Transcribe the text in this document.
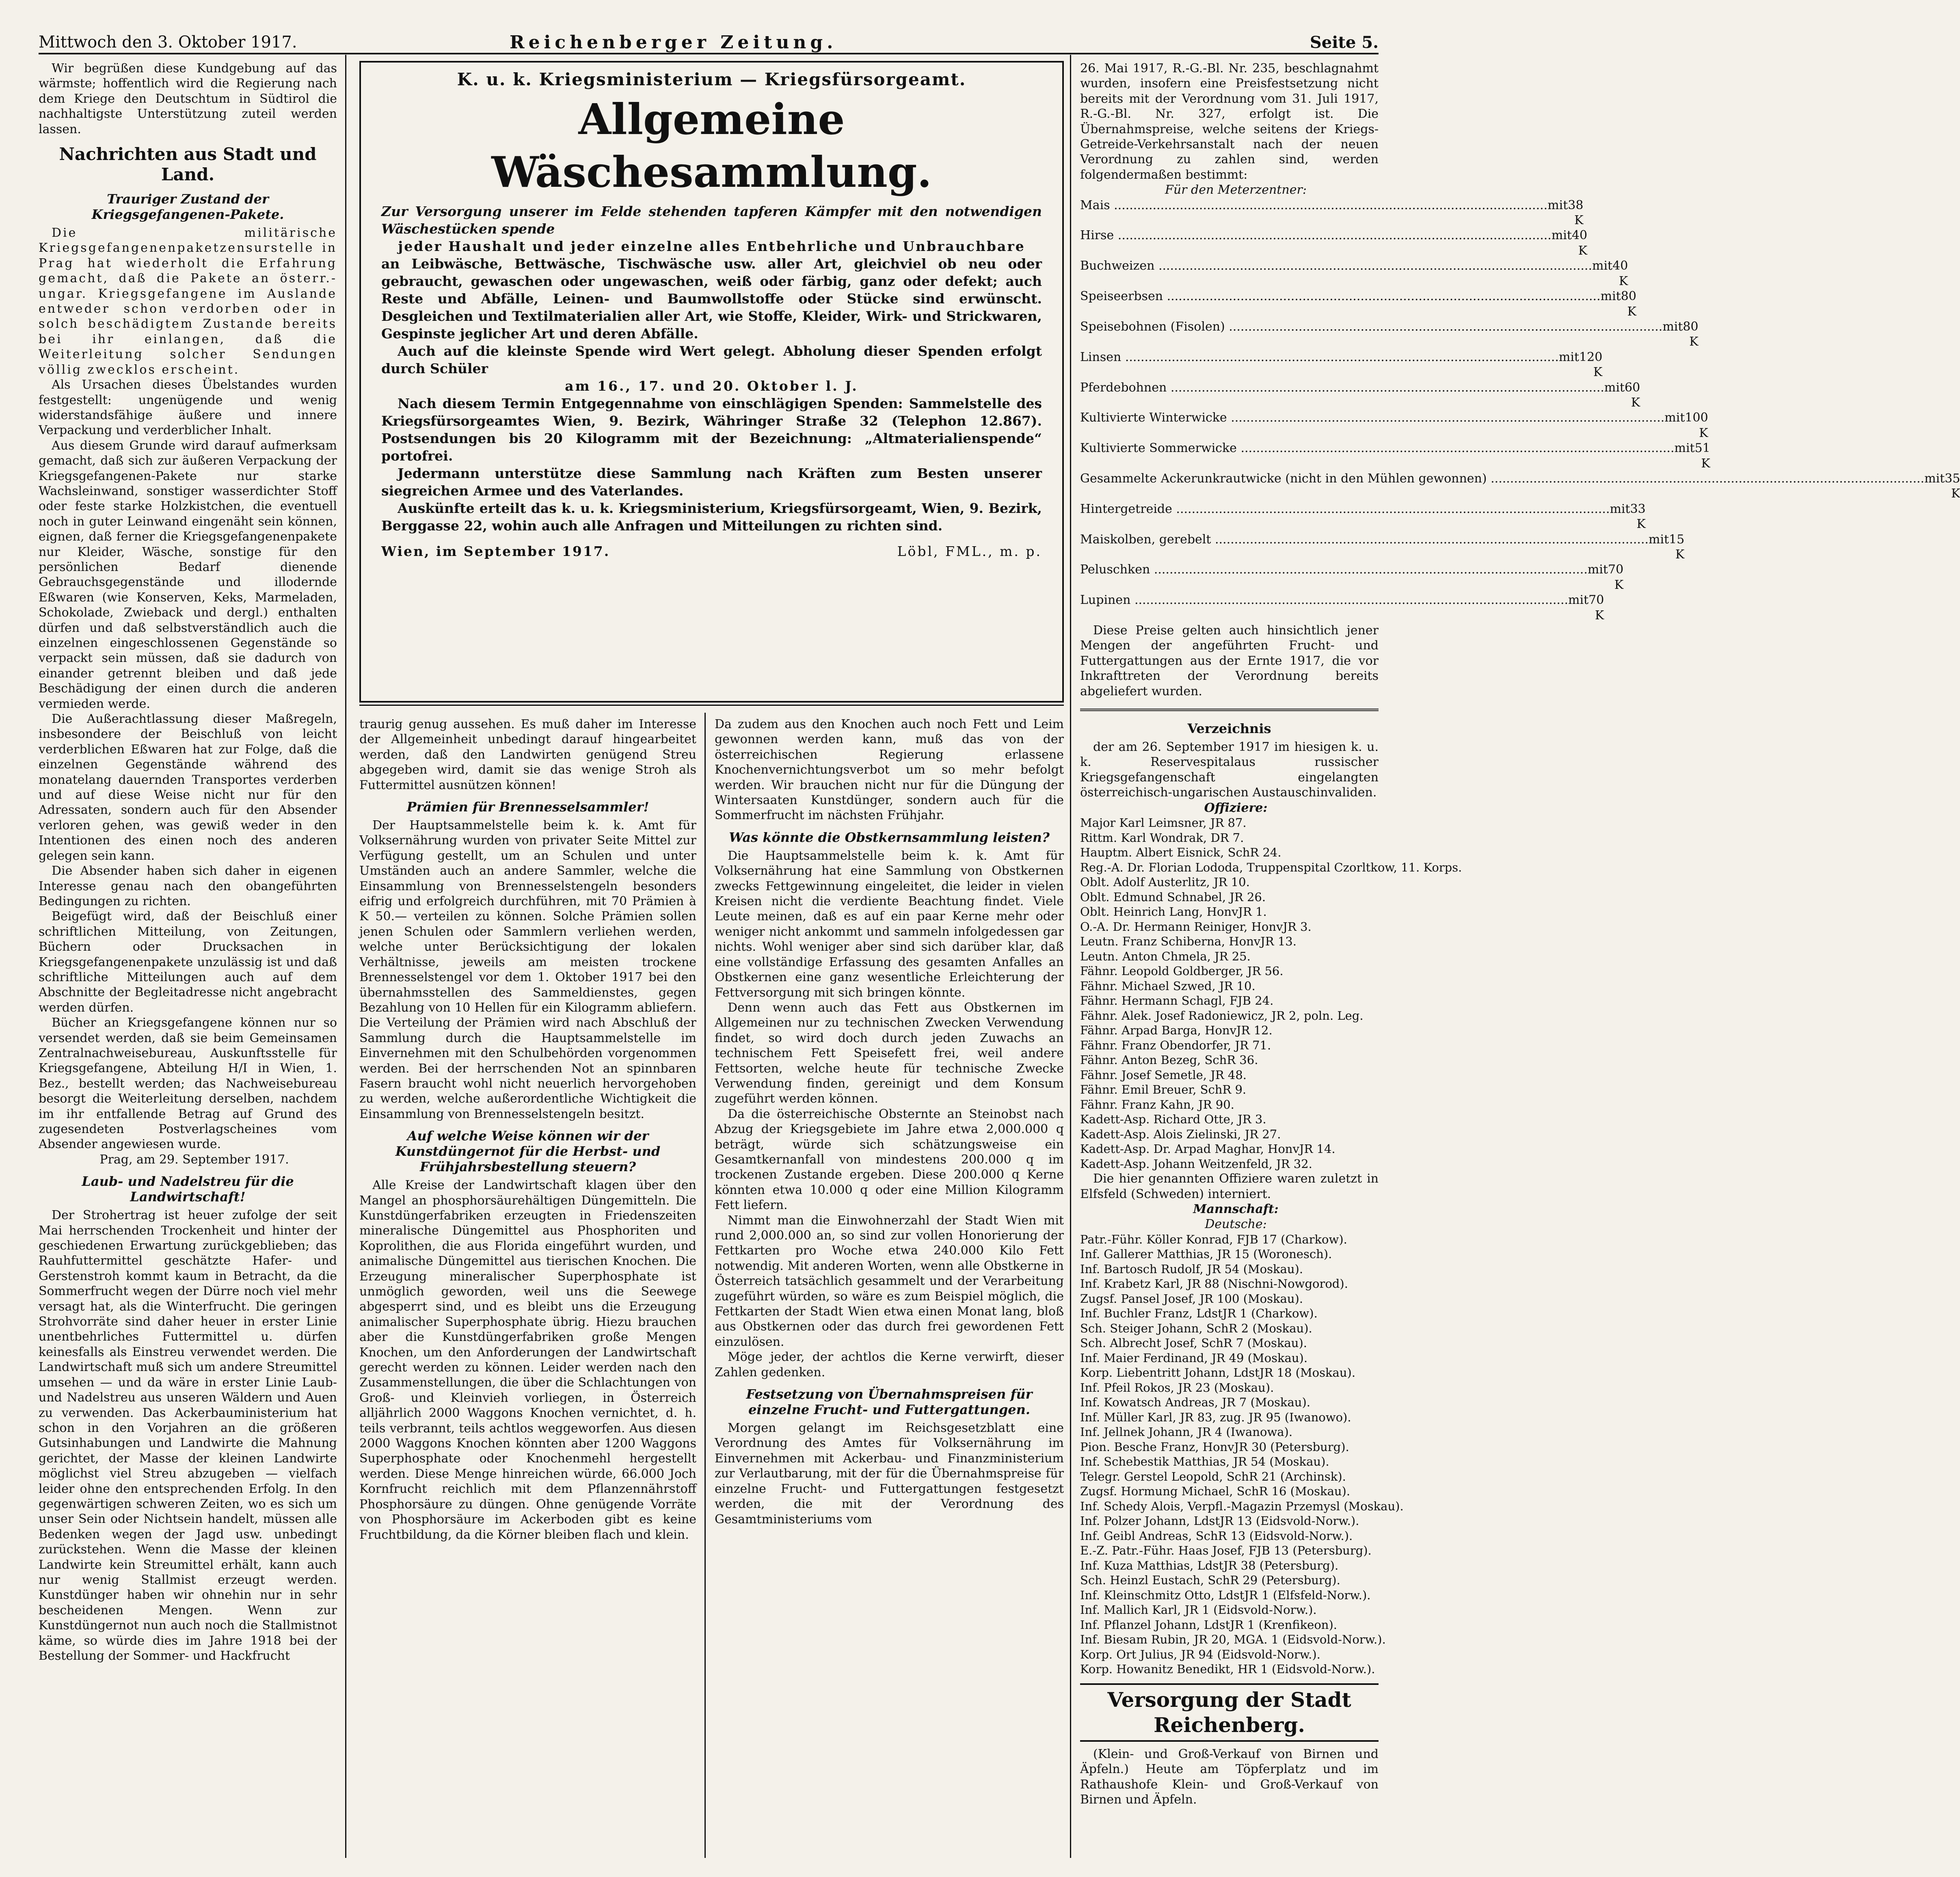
Mittwoch den 3. Oktober 1917.	Reichenberger Zeitung.	Seite 5.

Wir begrüßen diese Kundgebung auf das wärmste; hoffentlich wird die Regierung nach dem Kriege den Deutschtum in Südtirol die nachhaltigste Unterstützung zuteil werden lassen.

Nachrichten aus Stadt und Land.
Trauriger Zustand der Kriegsgefangenen-Pakete.

Die militärische Kriegsgefangenenpaketzensurstelle in Prag hat wiederholt die Erfahrung gemacht, daß die Pakete an österr.-ungar. Kriegsgefangene im Auslande entweder schon verdorben oder in solch beschädigtem Zustande bereits bei ihr einlangen, daß die Weiterleitung solcher Sendungen völlig zwecklos erscheint.

Als Ursachen dieses Übelstandes wurden festgestellt: ungenügende und wenig widerstandsfähige äußere und innere Verpackung und verderblicher Inhalt.

Aus diesem Grunde wird darauf aufmerksam gemacht, daß sich zur äußeren Verpackung der Kriegsgefangenen-Pakete nur starke Wachsleinwand, sonstiger wasserdichter Stoff oder feste starke Holzkistchen, die eventuell noch in guter Leinwand eingenäht sein können, eignen, daß ferner die Kriegsgefangenenpakete nur Kleider, Wäsche, sonstige für den persönlichen Bedarf dienende Gebrauchsgegenstände und illodernde Eßwaren (wie Konserven, Keks, Marmeladen, Schokolade, Zwieback und dergl.) enthalten dürfen und daß selbstverständlich auch die einzelnen eingeschlossenen Gegenstände so verpackt sein müssen, daß sie dadurch von einander getrennt bleiben und daß jede Beschädigung der einen durch die anderen vermieden werde.

Die Außerachtlassung dieser Maßregeln, insbesondere der Beischluß von leicht verderblichen Eßwaren hat zur Folge, daß die einzelnen Gegenstände während des monatelang dauernden Transportes verderben und auf diese Weise nicht nur für den Adressaten, sondern auch für den Absender verloren gehen, was gewiß weder in den Intentionen des einen noch des anderen gelegen sein kann.

Die Absender haben sich daher in eigenen Interesse genau nach den obangeführten Bedingungen zu richten.

Beigefügt wird, daß der Beischluß einer schriftlichen Mitteilung, von Zeitungen, Büchern oder Drucksachen in Kriegsgefangenenpakete unzulässig ist und daß schriftliche Mitteilungen auch auf dem Abschnitte der Begleitadresse nicht angebracht werden dürfen.

Bücher an Kriegsgefangene können nur so versendet werden, daß sie beim Gemeinsamen Zentralnachweisebureau, Auskunftsstelle für Kriegsgefangene, Abteilung H/I in Wien, 1. Bez., bestellt werden; das Nachweisebureau besorgt die Weiterleitung derselben, nachdem im ihr entfallende Betrag auf Grund des zugesendeten Postverlagscheines vom Absender angewiesen wurde.

Prag, am 29. September 1917.

Laub- und Nadelstreu für die Landwirtschaft!

Der Strohertrag ist heuer zufolge der seit Mai herrschenden Trockenheit und hinter der geschiedenen Erwartung zurückgeblieben; das Rauhfuttermittel geschätzte Hafer- und Gerstenstroh kommt kaum in Betracht, da die Sommerfrucht wegen der Dürre noch viel mehr versagt hat, als die Winterfrucht. Die geringen Strohvorräte sind daher heuer in erster Linie unentbehrliches Futtermittel u. dürfen keinesfalls als Einstreu verwendet werden. Die Landwirtschaft muß sich um andere Streumittel umsehen — und da wäre in erster Linie Laub- und Nadelstreu aus unseren Wäldern und Auen zu verwenden. Das Ackerbauministerium hat schon in den Vorjahren an die größeren Gutsinhabungen und Landwirte die Mahnung gerichtet, der Masse der kleinen Landwirte möglichst viel Streu abzugeben — vielfach leider ohne den entsprechenden Erfolg. In den gegenwärtigen schweren Zeiten, wo es sich um unser Sein oder Nichtsein handelt, müssen alle Bedenken wegen der Jagd usw. unbedingt zurückstehen. Wenn die Masse der kleinen Landwirte kein Streumittel erhält, kann auch nur wenig Stallmist erzeugt werden. Kunstdünger haben wir ohnehin nur in sehr bescheidenen Mengen. Wenn zur Kunstdüngernot nun auch noch die Stallmistnot käme, so würde dies im Jahre 1918 bei der Bestellung der Sommer- und Hackfrucht

K. u. k. Kriegsministerium — Kriegsfürsorgeamt.
Allgemeine Wäschesammlung.

Zur Versorgung unserer im Felde stehenden tapferen Kämpfer mit den notwendigen Wäschestücken spende

jeder Haushalt und jeder einzelne alles Entbehrliche und Unbrauchbare

an Leibwäsche, Bettwäsche, Tischwäsche usw. aller Art, gleichviel ob neu oder gebraucht, gewaschen oder ungewaschen, weiß oder färbig, ganz oder defekt; auch Reste und Abfälle, Leinen- und Baumwollstoffe oder Stücke sind erwünscht. Desgleichen und Textilmaterialien aller Art, wie Stoffe, Kleider, Wirk- und Strickwaren, Gespinste jeglicher Art und deren Abfälle.

Auch auf die kleinste Spende wird Wert gelegt. Abholung dieser Spenden erfolgt durch Schüler

am 16., 17. und 20. Oktober l. J.

Nach diesem Termin Entgegennahme von einschlägigen Spenden: Sammelstelle des Kriegsfürsorgeamtes Wien, 9. Bezirk, Währinger Straße 32 (Telephon 12.867). Postsendungen bis 20 Kilogramm mit der Bezeichnung: „Altmaterialienspende“ portofrei.

Jedermann unterstütze diese Sammlung nach Kräften zum Besten unserer siegreichen Armee und des Vaterlandes.

Auskünfte erteilt das k. u. k. Kriegsministerium, Kriegsfürsorgeamt, Wien, 9. Bezirk, Berggasse 22, wohin auch alle Anfragen und Mitteilungen zu richten sind.

Wien, im September 1917.	Löbl, FML., m. p.

traurig genug aussehen. Es muß daher im Interesse der Allgemeinheit unbedingt darauf hingearbeitet werden, daß den Landwirten genügend Streu abgegeben wird, damit sie das wenige Stroh als Futtermittel ausnützen können!

Prämien für Brennesselsammler!

Der Hauptsammelstelle beim k. k. Amt für Volksernährung wurden von privater Seite Mittel zur Verfügung gestellt, um an Schulen und unter Umständen auch an andere Sammler, welche die Einsammlung von Brennesselstengeln besonders eifrig und erfolgreich durchführen, mit 70 Prämien à K 50.— verteilen zu können. Solche Prämien sollen jenen Schulen oder Sammlern verliehen werden, welche unter Berücksichtigung der lokalen Verhältnisse, jeweils am meisten trockene Brennesselstengel vor dem 1. Oktober 1917 bei den übernahmsstellen des Sammeldienstes, gegen Bezahlung von 10 Hellen für ein Kilogramm abliefern. Die Verteilung der Prämien wird nach Abschluß der Sammlung durch die Hauptsammelstelle im Einvernehmen mit den Schulbehörden vorgenommen werden. Bei der herrschenden Not an spinnbaren Fasern braucht wohl nicht neuerlich hervorgehoben zu werden, welche außerordentliche Wichtigkeit die Einsammlung von Brennesselstengeln besitzt.

Auf welche Weise können wir der Kunstdüngernot für die Herbst- und Frühjahrsbestellung steuern?

Alle Kreise der Landwirtschaft klagen über den Mangel an phosphorsäurehältigen Düngemitteln. Die Kunstdüngerfabriken erzeugten in Friedenszeiten mineralische Düngemittel aus Phosphoriten und Koprolithen, die aus Florida eingeführt wurden, und animalische Düngemittel aus tierischen Knochen. Die Erzeugung mineralischer Superphosphate ist unmöglich geworden, weil uns die Seewege abgesperrt sind, und es bleibt uns die Erzeugung animalischer Superphosphate übrig. Hiezu brauchen aber die Kunstdüngerfabriken große Mengen Knochen, um den Anforderungen der Landwirtschaft gerecht werden zu können. Leider werden nach den Zusammenstellungen, die über die Schlachtungen von Groß- und Kleinvieh vorliegen, in Österreich alljährlich 2000 Waggons Knochen vernichtet, d. h. teils verbrannt, teils achtlos weggeworfen. Aus diesen 2000 Waggons Knochen könnten aber 1200 Waggons Superphosphate oder Knochenmehl hergestellt werden. Diese Menge hinreichen würde, 66.000 Joch Kornfrucht reichlich mit dem Pflanzennährstoff Phosphorsäure zu düngen. Ohne genügende Vorräte von Phosphorsäure im Ackerboden gibt es keine Fruchtbildung, da die Körner bleiben flach und klein.

Da zudem aus den Knochen auch noch Fett und Leim gewonnen werden kann, muß das von der österreichischen Regierung erlassene Knochenvernichtungsverbot um so mehr befolgt werden. Wir brauchen nicht nur für die Düngung der Wintersaaten Kunstdünger, sondern auch für die Sommerfrucht im nächsten Frühjahr.

Was könnte die Obstkernsammlung leisten?

Die Hauptsammelstelle beim k. k. Amt für Volksernährung hat eine Sammlung von Obstkernen zwecks Fettgewinnung eingeleitet, die leider in vielen Kreisen nicht die verdiente Beachtung findet. Viele Leute meinen, daß es auf ein paar Kerne mehr oder weniger nicht ankommt und sammeln infolgedessen gar nichts. Wohl weniger aber sind sich darüber klar, daß eine vollständige Erfassung des gesamten Anfalles an Obstkernen eine ganz wesentliche Erleichterung der Fettversorgung mit sich bringen könnte.

Denn wenn auch das Fett aus Obstkernen im Allgemeinen nur zu technischen Zwecken Verwendung findet, so wird doch durch jeden Zuwachs an technischem Fett Speisefett frei, weil andere Fettsorten, welche heute für technische Zwecke Verwendung finden, gereinigt und dem Konsum zugeführt werden können.

Da die österreichische Obsternte an Steinobst nach Abzug der Kriegsgebiete im Jahre etwa 2,000.000 q beträgt, würde sich schätzungsweise ein Gesamtkernanfall von mindestens 200.000 q im trockenen Zustande ergeben. Diese 200.000 q Kerne könnten etwa 10.000 q oder eine Million Kilogramm Fett liefern.

Nimmt man die Einwohnerzahl der Stadt Wien mit rund 2,000.000 an, so sind zur vollen Honorierung der Fettkarten pro Woche etwa 240.000 Kilo Fett notwendig. Mit anderen Worten, wenn alle Obstkerne in Österreich tatsächlich gesammelt und der Verarbeitung zugeführt würden, so wäre es zum Beispiel möglich, die Fettkarten der Stadt Wien etwa einen Monat lang, bloß aus Obstkernen oder das durch frei gewordenen Fett einzulösen.

Möge jeder, der achtlos die Kerne verwirft, dieser Zahlen gedenken.

Festsetzung von Übernahmspreisen für einzelne Frucht- und Futtergattungen.

Morgen gelangt im Reichsgesetzblatt eine Verordnung des Amtes für Volksernährung im Einvernehmen mit Ackerbau- und Finanzministerium zur Verlautbarung, mit der für die Übernahmspreise für einzelne Frucht- und Futtergattungen festgesetzt werden, die mit der Verordnung des Gesamtministeriums vom

26. Mai 1917, R.-G.-Bl. Nr. 235, beschlagnahmt wurden, insofern eine Preisfestsetzung nicht bereits mit der Verordnung vom 31. Juli 1917, R.-G.-Bl. Nr. 327, erfolgt ist. Die Übernahmspreise, welche seitens der Kriegs-Getreide-Verkehrsanstalt nach der neuen Verordnung zu zahlen sind, werden folgendermaßen bestimmt:

Für den Meterzentner:

Mais .....	mit 38 K
Hirse .....	mit 40 K
Buchweizen .....	mit 40 K
Speiseerbsen .....	mit 80 K
Speisebohnen (Fisolen) .....	mit 80 K
Linsen .....	mit 120 K
Pferdebohnen .....	mit 60 K
Kultivierte Winterwicke .....	mit 100 K
Kultivierte Sommerwicke .....	mit 51 K
Gesammelte Ackerunkrautwicke (nicht in den Mühlen gewonnen) .....	mit 35 K
Hintergetreide .....	mit 33 K
Maiskolben, gerebelt .....	mit 15 K
Peluschken .....	mit 70 K
Lupinen .....	mit 70 K

Diese Preise gelten auch hinsichtlich jener Mengen der angeführten Frucht- und Futtergattungen aus der Ernte 1917, die vor Inkrafttreten der Verordnung bereits abgeliefert wurden.

Verzeichnis

der am 26. September 1917 im hiesigen k. u. k. Reservespitalaus russischer Kriegsgefangenschaft eingelangten österreichisch-ungarischen Austauschinvaliden.

Offiziere:

Major Karl Leimsner, JR 87.
Rittm. Karl Wondrak, DR 7.
Hauptm. Albert Eisnick, SchR 24.
Reg.-A. Dr. Florian Lododa, Truppenspital Czorltkow, 11. Korps.
Oblt. Adolf Austerlitz, JR 10.
Oblt. Edmund Schnabel, JR 26.
Oblt. Heinrich Lang, HonvJR 1.
O.-A. Dr. Hermann Reiniger, HonvJR 3.
Leutn. Franz Schiberna, HonvJR 13.
Leutn. Anton Chmela, JR 25.
Fähnr. Leopold Goldberger, JR 56.
Fähnr. Michael Szwed, JR 10.
Fähnr. Hermann Schagl, FJB 24.
Fähnr. Alek. Josef Radoniewicz, JR 2, poln. Leg.
Fähnr. Arpad Barga, HonvJR 12.
Fähnr. Franz Obendorfer, JR 71.
Fähnr. Anton Bezeg, SchR 36.
Fähnr. Josef Semetle, JR 48.
Fähnr. Emil Breuer, SchR 9.
Fähnr. Franz Kahn, JR 90.
Kadett-Asp. Richard Otte, JR 3.
Kadett-Asp. Alois Zielinski, JR 27.
Kadett-Asp. Dr. Arpad Maghar, HonvJR 14.
Kadett-Asp. Johann Weitzenfeld, JR 32.

Die hier genannten Offiziere waren zuletzt in Elfsfeld (Schweden) interniert.

Mannschaft:

Deutsche:

Patr.-Führ. Köller Konrad, FJB 17 (Charkow).
Inf. Gallerer Matthias, JR 15 (Woronesch).
Inf. Bartosch Rudolf, JR 54 (Moskau).
Inf. Krabetz Karl, JR 88 (Nischni-Nowgorod).
Zugsf. Pansel Josef, JR 100 (Moskau).
Inf. Buchler Franz, LdstJR 1 (Charkow).
Sch. Steiger Johann, SchR 2 (Moskau).
Sch. Albrecht Josef, SchR 7 (Moskau).
Inf. Maier Ferdinand, JR 49 (Moskau).
Korp. Liebentritt Johann, LdstJR 18 (Moskau).
Inf. Pfeil Rokos, JR 23 (Moskau).
Inf. Kowatsch Andreas, JR 7 (Moskau).
Inf. Müller Karl, JR 83, zug. JR 95 (Iwanowo).
Inf. Jellnek Johann, JR 4 (Iwanowa).
Pion. Besche Franz, HonvJR 30 (Petersburg).
Inf. Schebestik Matthias, JR 54 (Moskau).
Telegr. Gerstel Leopold, SchR 21 (Archinsk).
Zugsf. Hormung Michael, SchR 16 (Moskau).
Inf. Schedy Alois, Verpfl.-Magazin Przemysl (Moskau).
Inf. Polzer Johann, LdstJR 13 (Eidsvold-Norw.).
Inf. Geibl Andreas, SchR 13 (Eidsvold-Norw.).
E.-Z. Patr.-Führ. Haas Josef, FJB 13 (Petersburg).
Inf. Kuza Matthias, LdstJR 38 (Petersburg).
Sch. Heinzl Eustach, SchR 29 (Petersburg).
Inf. Kleinschmitz Otto, LdstJR 1 (Elfsfeld-Norw.).
Inf. Mallich Karl, JR 1 (Eidsvold-Norw.).
Inf. Pflanzel Johann, LdstJR 1 (Krenfikeon).
Inf. Biesam Rubin, JR 20, MGA. 1 (Eidsvold-Norw.).
Korp. Ort Julius, JR 94 (Eidsvold-Norw.).
Korp. Howanitz Benedikt, HR 1 (Eidsvold-Norw.).
Versorgung der Stadt Reichenberg.

(Klein- und Groß-Verkauf von Birnen und Äpfeln.) Heute am Töpferplatz und im Rathaushofe Klein- und Groß-Verkauf von Birnen und Äpfeln.
